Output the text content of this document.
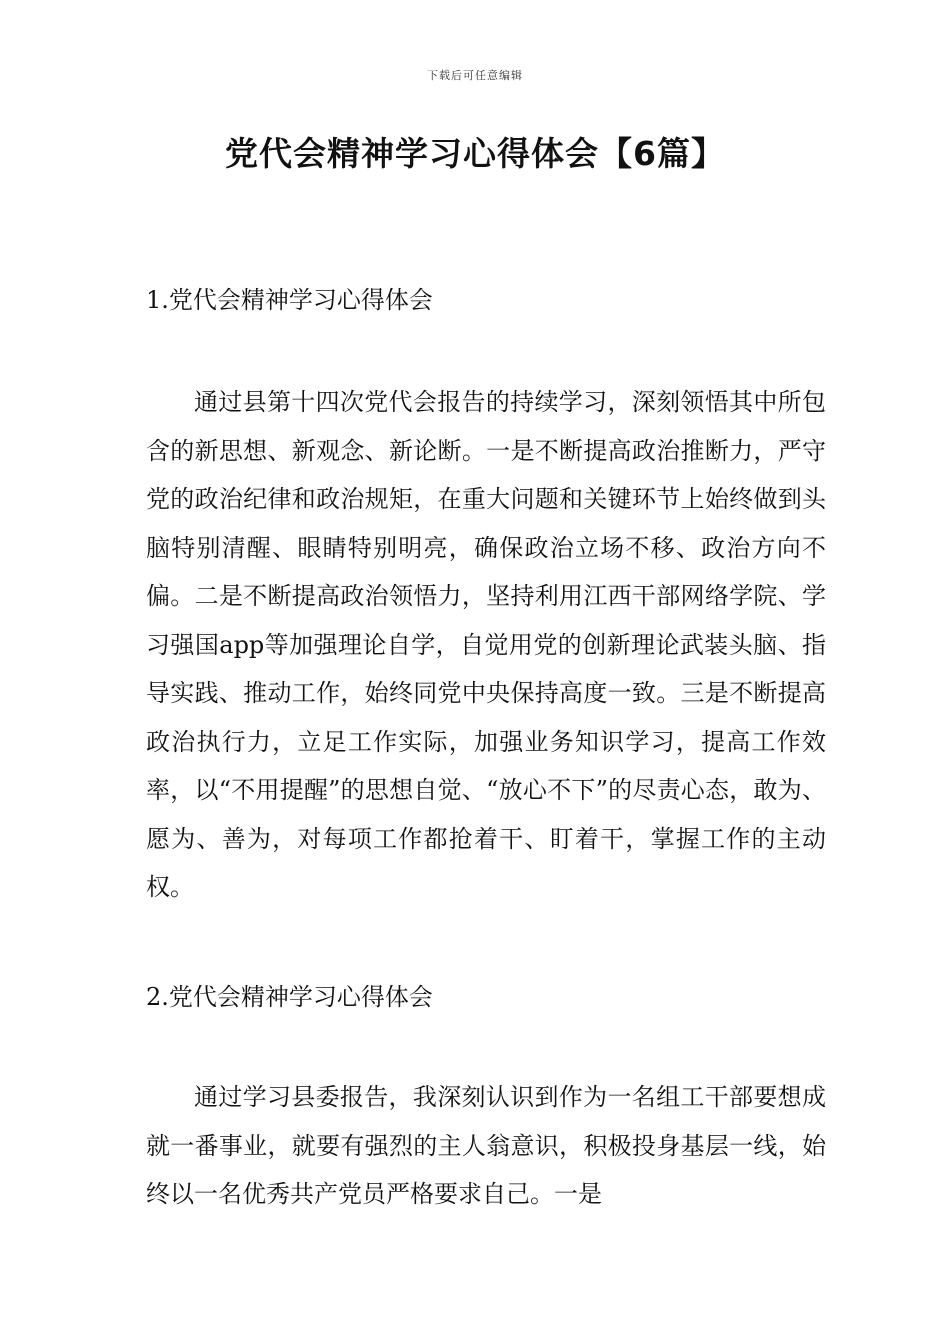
下载后可任意编辑
党代会精神学习心得体会【6篇】

1.党代会精神学习心得体会

通过县第十四次党代会报告的持续学习，深刻领悟其中所包含的新思想、新观念、新论断。一是不断提高政治推断力，严守党的政治纪律和政治规矩，在重大问题和关键环节上始终做到头脑特别清醒、眼睛特别明亮，确保政治立场不移、政治方向不偏。二是不断提高政治领悟力，坚持利用江西干部网络学院、学习强国app等加强理论自学，自觉用党的创新理论武装头脑、指导实践、推动工作，始终同党中央保持高度一致。三是不断提高政治执行力，立足工作实际，加强业务知识学习，提高工作效率，以“不用提醒”的思想自觉、“放心不下”的尽责心态，敢为、愿为、善为，对每项工作都抢着干、盯着干，掌握工作的主动权。

2.党代会精神学习心得体会

通过学习县委报告，我深刻认识到作为一名组工干部要想成就一番事业，就要有强烈的主人翁意识，积极投身基层一线，始终以一名优秀共产党员严格要求自己。一是
